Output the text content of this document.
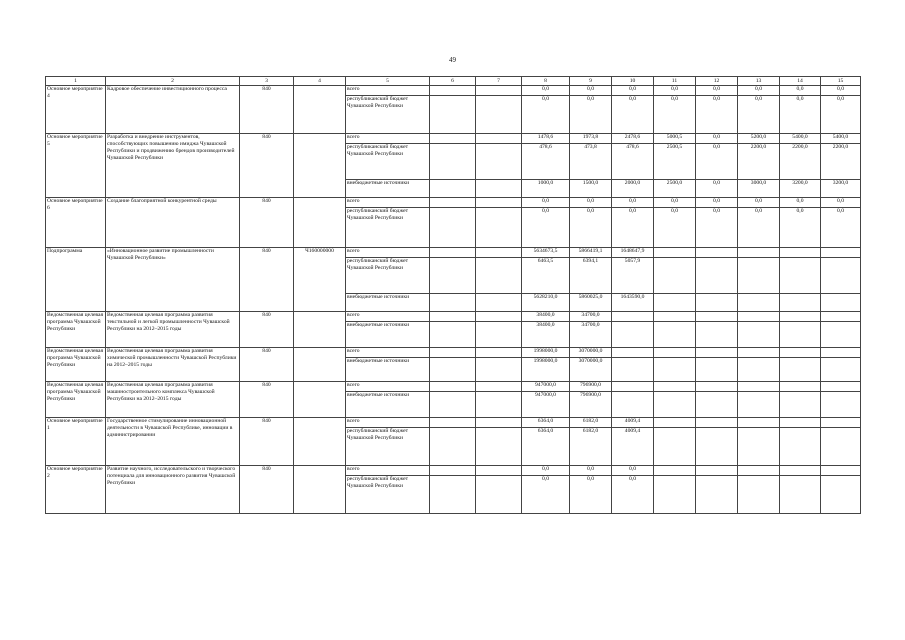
49
1	2	3	4	5	6	7	8	9	10	11	12	13	14	15
Основное мероприятие 4	Кадровое обеспечение инвестиционного процесса	840		всего			0,0	0,0	0,0	0,0	0,0	0,0	0,0	0,0
				республиканский бюджет Чувашской Республики			0,0	0,0	0,0	0,0	0,0	0,0	0,0	0,0
Основное мероприятие 5	Разработка и внедрение инструментов, способствующих повышению имиджа Чувашской Республики и продвижению брендов производителей Чувашской Республики	840		всего			1478,6	1973,8	2478,6	5000,5	0,0	5200,0	5400,0	5400,0
				республиканский бюджет Чувашской Республики			478,6	473,8	478,6	2500,5	0,0	2200,0	2200,0	2200,0
				внебюджетные источники			1000,0	1500,0	2000,0	2500,0	0,0	3000,0	3200,0	3200,0
Основное мероприятие 6	Создание благоприятной конкурентной среды	840		всего			0,0	0,0	0,0	0,0	0,0	0,0	0,0	0,0
				республиканский бюджет Чувашской Республики			0,0	0,0	0,0	0,0	0,0	0,0	0,0	0,0
Подпрограмма	«Инновационное развитие промышленности Чувашской Республики»	840	Ч160000000	всего			5634673,5	5866419,1	1648647,9					
				республиканский бюджет Чувашской Республики			6463,5	6394,1	5057,9					
				внебюджетные источники			5628210,0	5860025,0	1643590,0					
Ведомственная целевая программа Чувашской Республики	Ведомственная целевая программа развития текстильной и легкой промышленности Чувашской Республики на 2012–2015 годы	840		всего			38400,0	34700,0						
				внебюджетные источники			38400,0	34700,0						
Ведомственная целевая программа Чувашской Республики	Ведомственная целевая программа развития химической промышленности Чувашской Республики на 2012–2015 годы	840		всего			1998000,0	3070000,0						
				внебюджетные источники			1998000,0	3070000,0						
Ведомственная целевая программа Чувашской Республики	Ведомственная целевая программа развития машиностроительного комплекса Чувашской Республики на 2012–2015 годы	840		всего			947000,0	796900,0						
				внебюджетные источники			947000,0	796900,0						
Основное мероприятие 1	Государственное стимулирование инновационной деятельности в Чувашской Республике, инновации в администрировании	840		всего			6364,0	6182,0	4009,4					
				республиканский бюджет Чувашской Республики			6364,0	6182,0	4009,4					
Основное мероприятие 2	Развитие научного, исследовательского и творческого потенциала для инновационного развития Чувашской Республики	840		всего			0,0	0,0	0,0					
				республиканский бюджет Чувашской Республики			0,0	0,0	0,0					
